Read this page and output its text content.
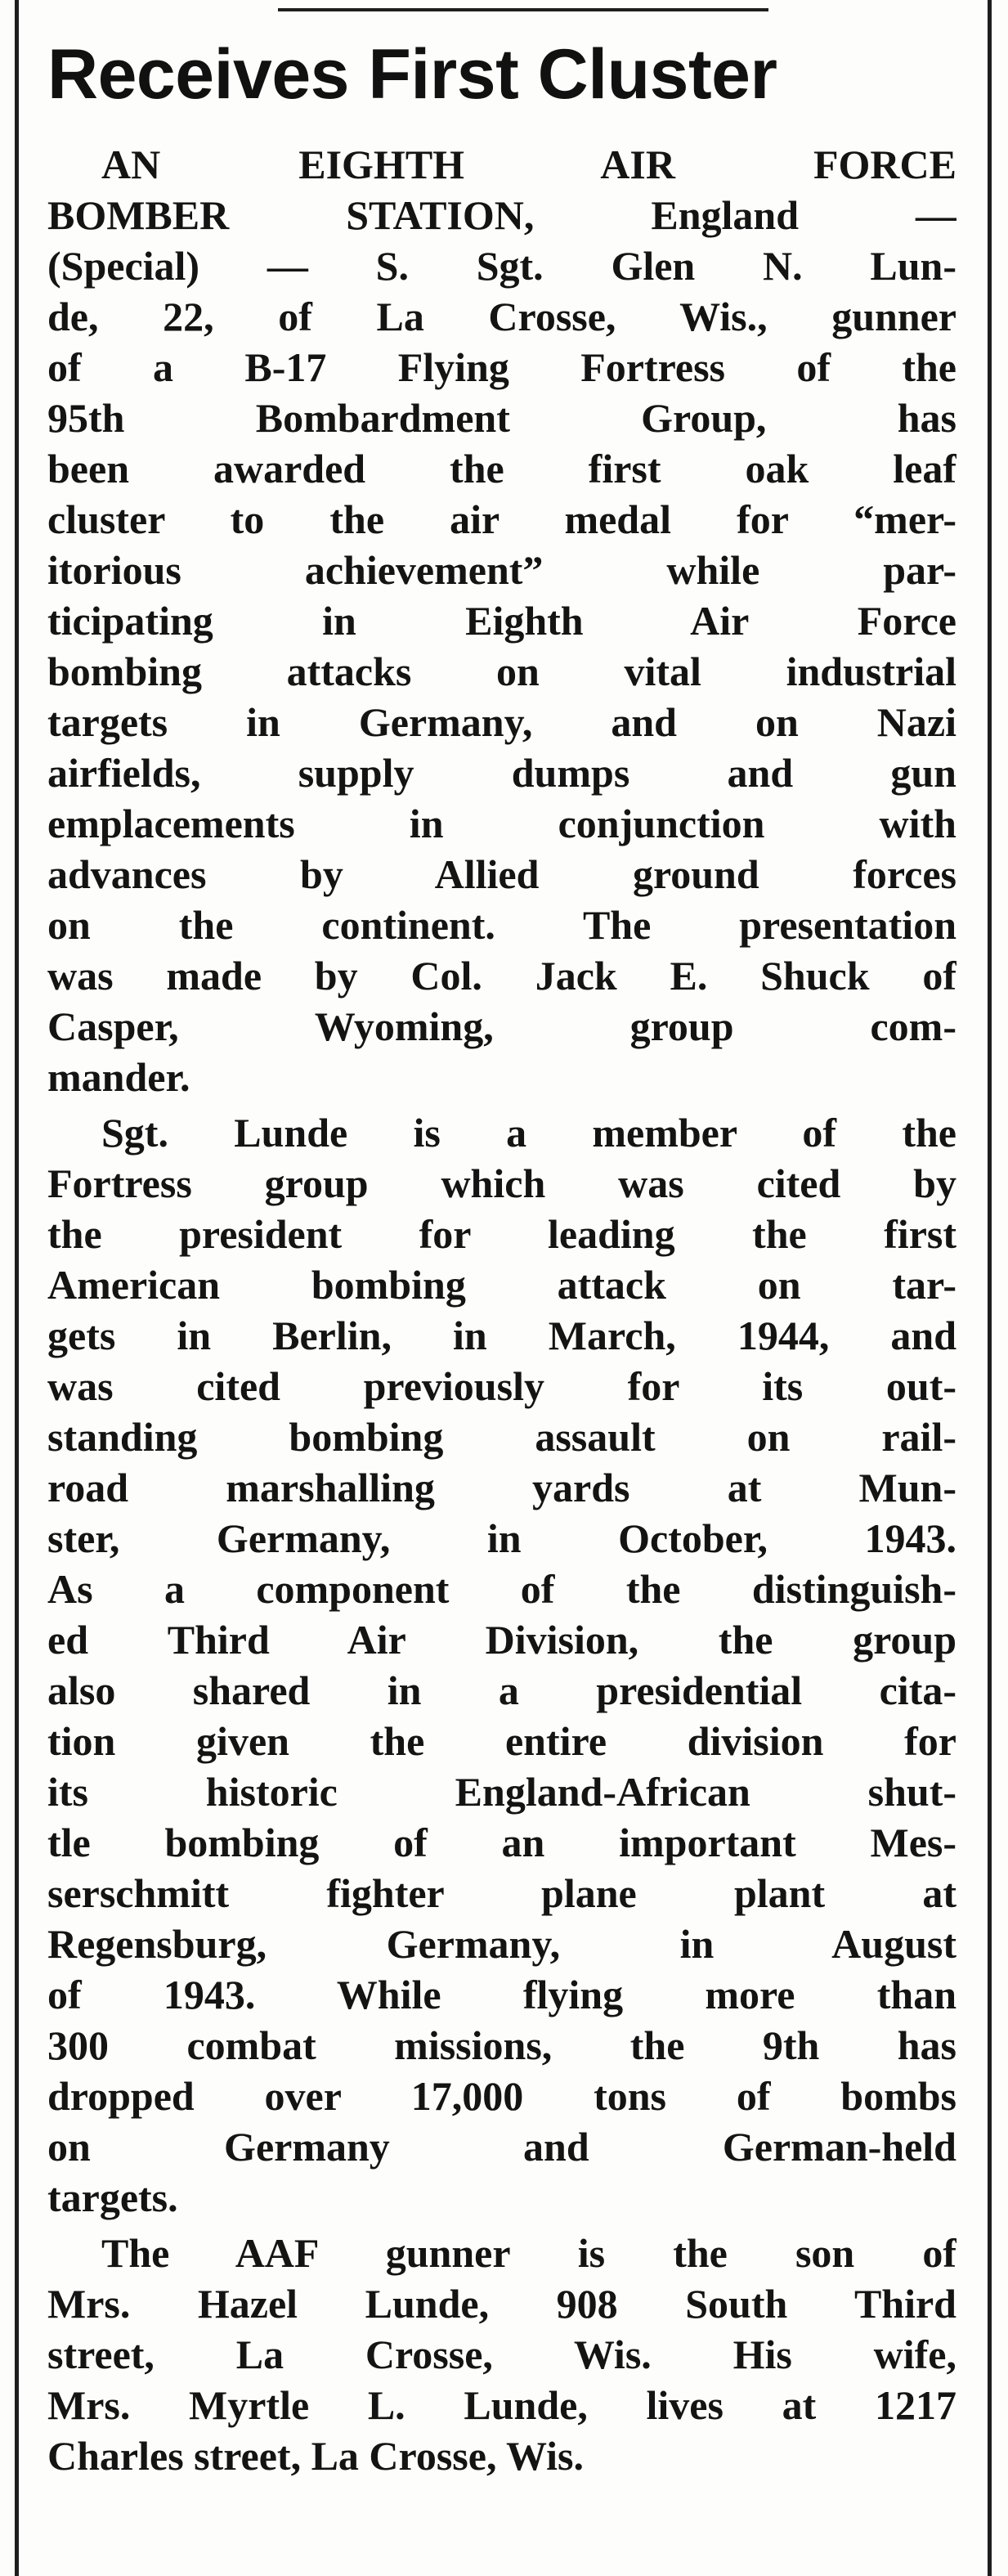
Receives First Cluster
AN EIGHTH AIR FORCE
BOMBER STATION, England —
(Special) — S. Sgt. Glen N. Lun-
de, 22, of La Crosse, Wis., gunner
of a B-17 Flying Fortress of the
95th Bombardment Group, has
been awarded the first oak leaf
cluster to the air medal for “mer-
itorious achievement” while par-
ticipating in Eighth Air Force
bombing attacks on vital industrial
targets in Germany, and on Nazi
airfields, supply dumps and gun
emplacements in conjunction with
advances by Allied ground forces
on the continent. The presentation
was made by Col. Jack E. Shuck of
Casper, Wyoming, group com-
mander.
Sgt. Lunde is a member of the
Fortress group which was cited by
the president for leading the first
American bombing attack on tar-
gets in Berlin, in March, 1944, and
was cited previously for its out-
standing bombing assault on rail-
road marshalling yards at Mun-
ster, Germany, in October, 1943.
As a component of the distinguish-
ed Third Air Division, the group
also shared in a presidential cita-
tion given the entire division for
its historic England-African shut-
tle bombing of an important Mes-
serschmitt fighter plane plant at
Regensburg, Germany, in August
of 1943. While flying more than
300 combat missions, the 9th has
dropped over 17,000 tons of bombs
on Germany and German-held
targets.
The AAF gunner is the son of
Mrs. Hazel Lunde, 908 South Third
street, La Crosse, Wis. His wife,
Mrs. Myrtle L. Lunde, lives at 1217
Charles street, La Crosse, Wis.
